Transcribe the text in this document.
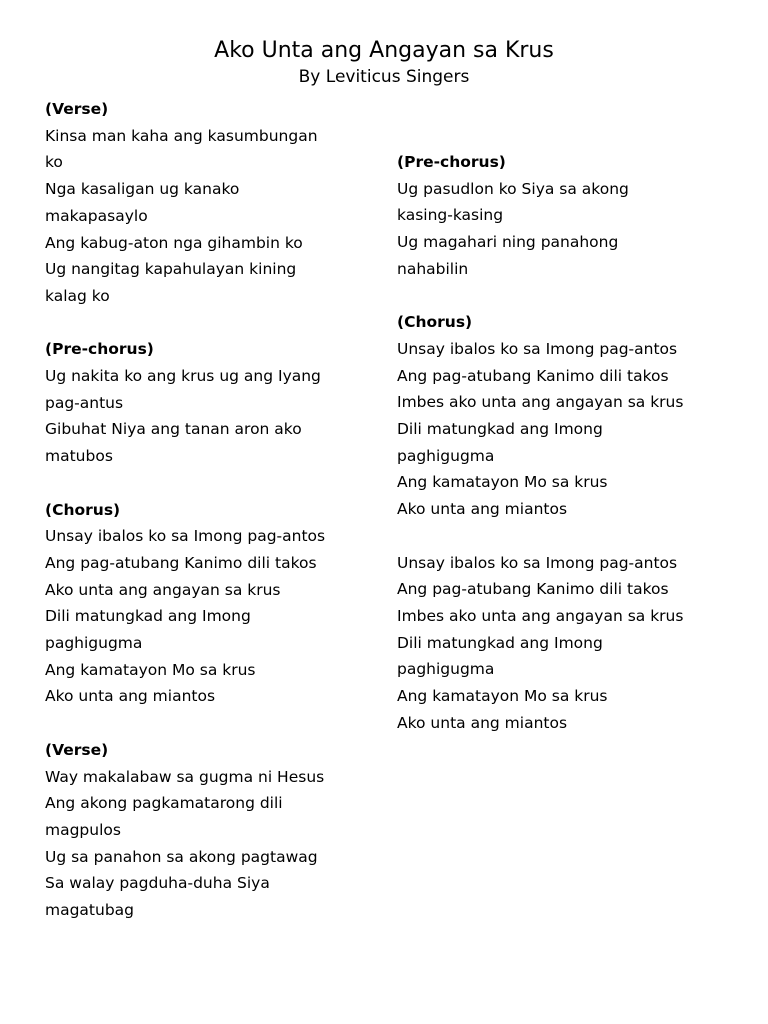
Ako Unta ang Angayan sa Krus
By Leviticus Singers
(Verse)
Kinsa man kaha ang kasumbungan
ko
Nga kasaligan ug kanako
makapasaylo
Ang kabug-aton nga gihambin ko
Ug nangitag kapahulayan kining
kalag ko
(Pre-chorus)
Ug nakita ko ang krus ug ang Iyang
pag-antus
Gibuhat Niya ang tanan aron ako
matubos
(Chorus)
Unsay ibalos ko sa Imong pag-antos
Ang pag-atubang Kanimo dili takos
Ako unta ang angayan sa krus
Dili matungkad ang Imong
paghigugma
Ang kamatayon Mo sa krus
Ako unta ang miantos
(Verse)
Way makalabaw sa gugma ni Hesus
Ang akong pagkamatarong dili
magpulos
Ug sa panahon sa akong pagtawag
Sa walay pagduha-duha Siya
magatubag
(Pre-chorus)
Ug pasudlon ko Siya sa akong
kasing-kasing
Ug magahari ning panahong
nahabilin
(Chorus)
Unsay ibalos ko sa Imong pag-antos
Ang pag-atubang Kanimo dili takos
Imbes ako unta ang angayan sa krus
Dili matungkad ang Imong
paghigugma
Ang kamatayon Mo sa krus
Ako unta ang miantos
Unsay ibalos ko sa Imong pag-antos
Ang pag-atubang Kanimo dili takos
Imbes ako unta ang angayan sa krus
Dili matungkad ang Imong
paghigugma
Ang kamatayon Mo sa krus
Ako unta ang miantos
